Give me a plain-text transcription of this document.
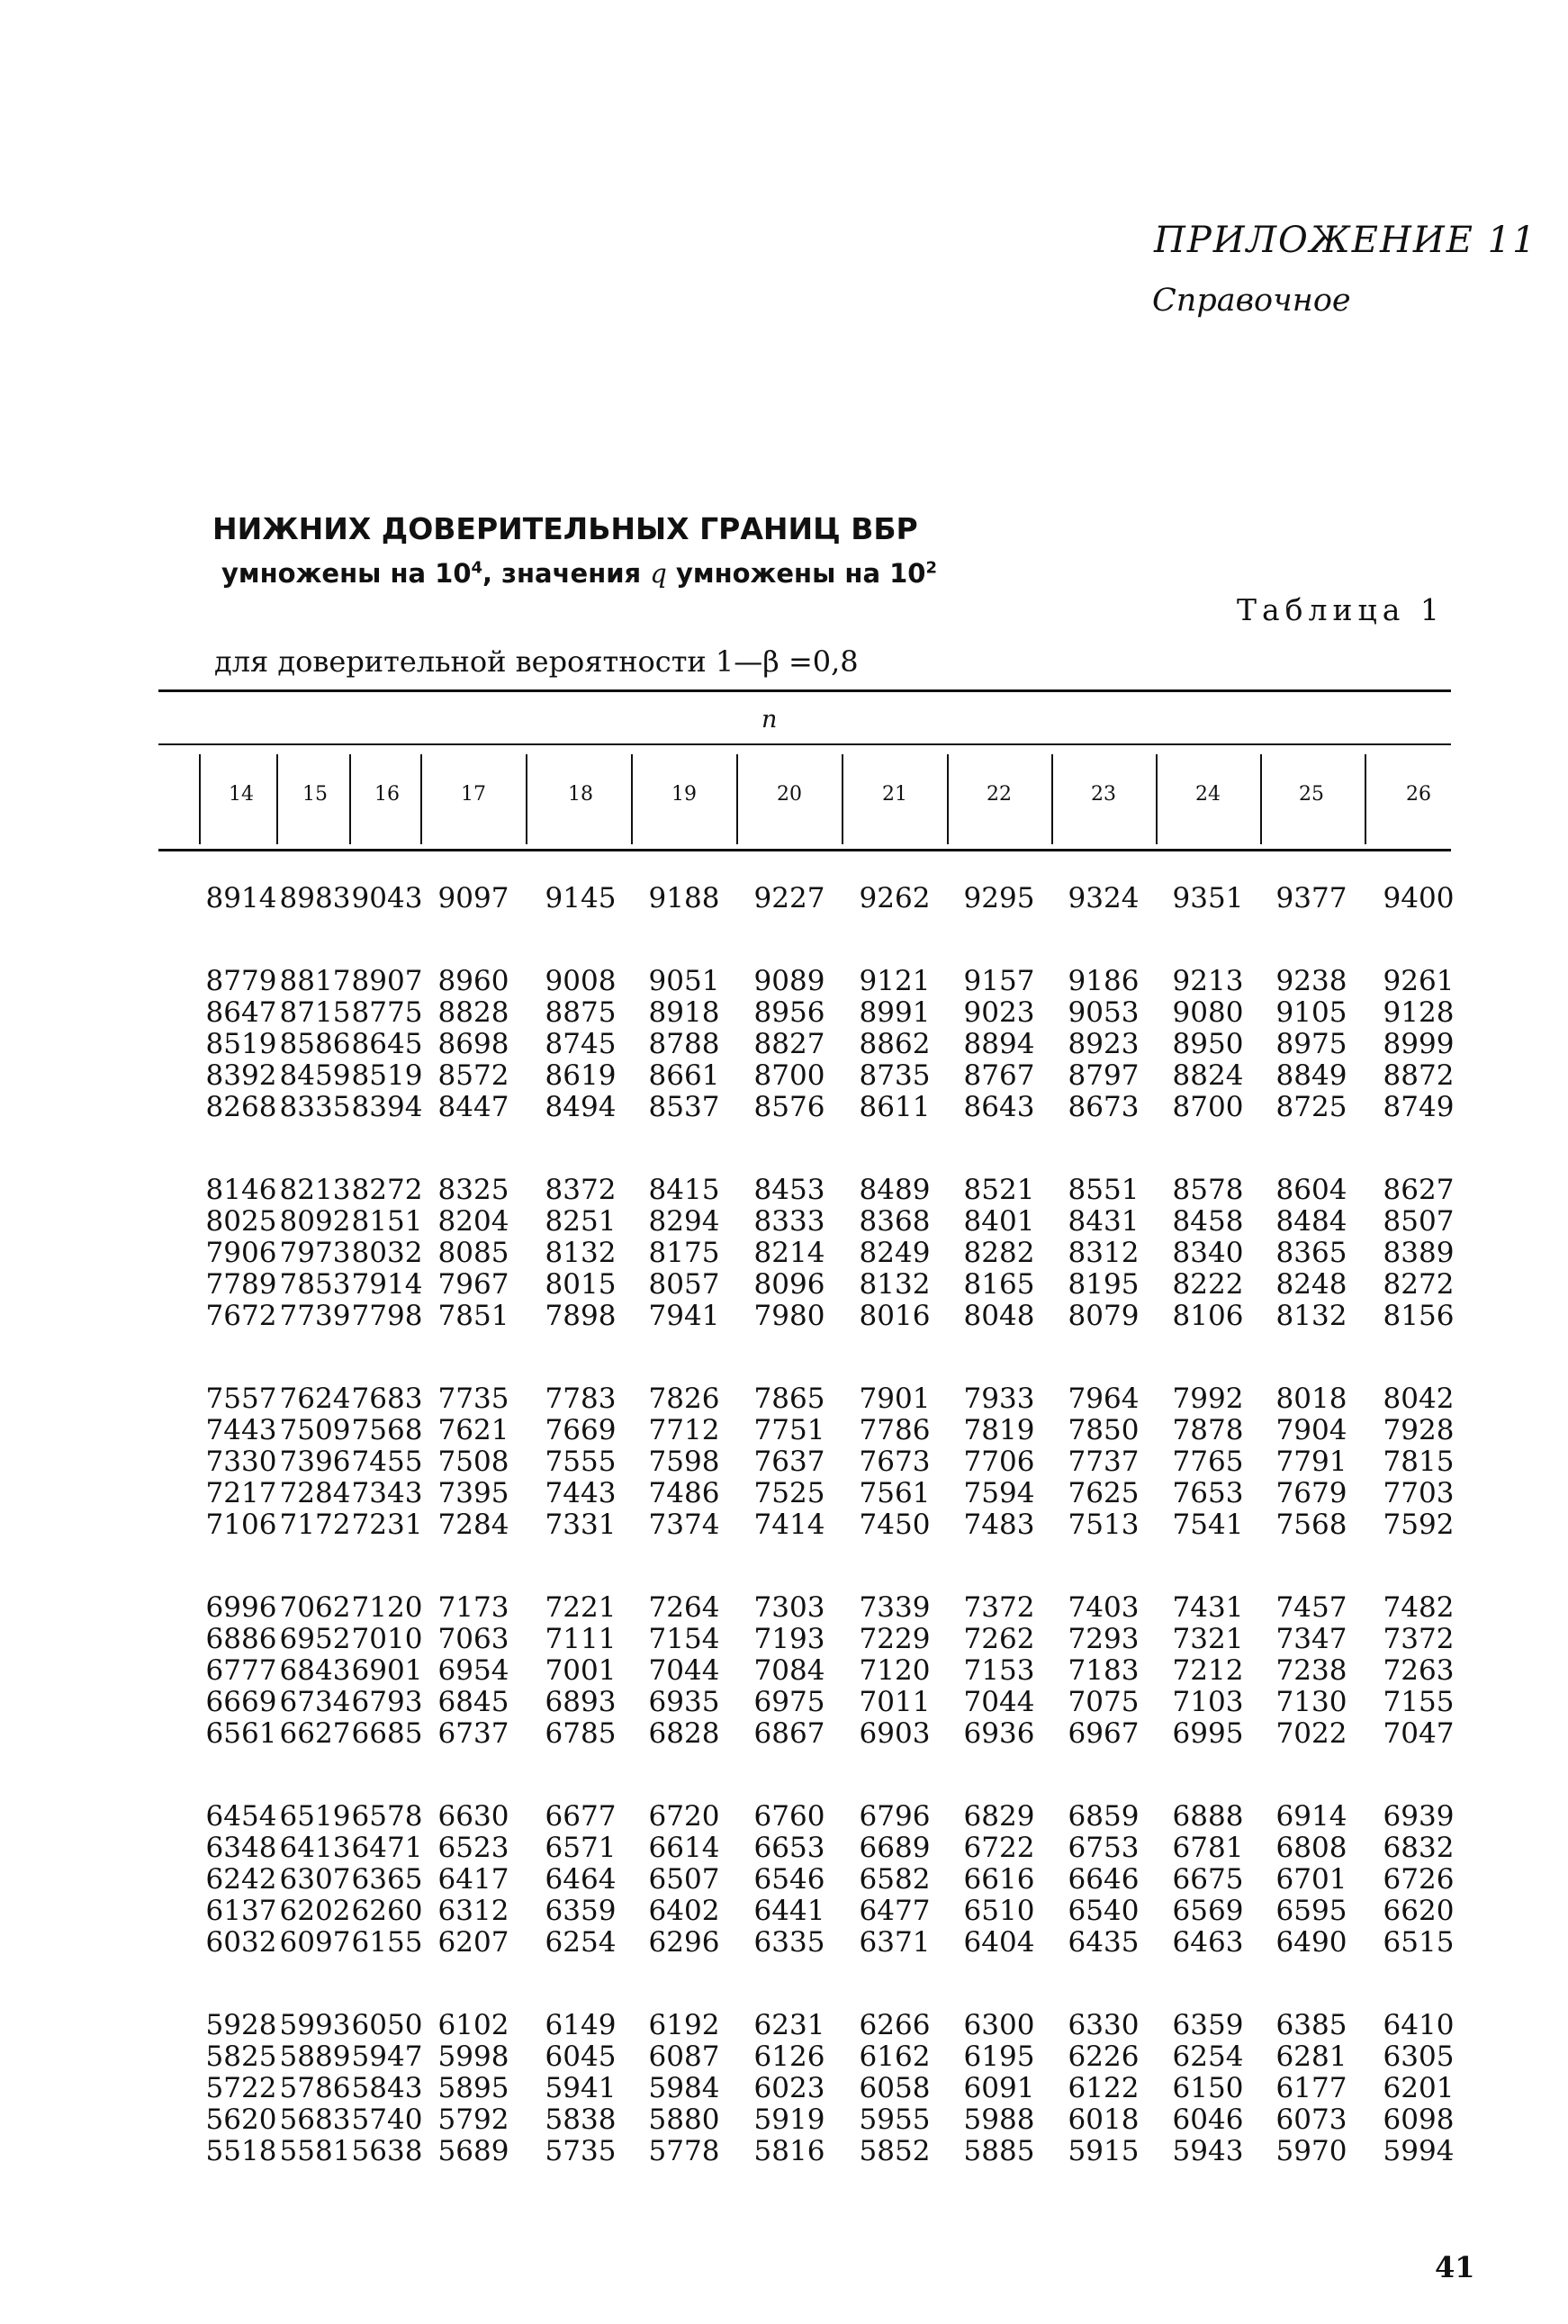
ПРИЛОЖЕНИЕ 11
Справочное
НИЖНИХ ДОВЕРИТЕЛЬНЫХ ГРАНИЦ ВБР
умножены на $10^4$, значения q умножены на $10^2$
Таблица 1
для доверительной вероятности 1—β =0,8
n
14 15 16	17	18	19	20	21	22	23	24	25	26
8914 8983 9043 9097 9145 9188 9227 9262 9295 9324 9351 9377 9400
8779 8817 8907 8960 9008 9051 9089 9121 9157 9186 9213 9238 9261
8647 8715 8775 8828 8875 8918 8956 8991 9023 9053 9080 9105 9128
8519 8586 8645 8698 8745 8788 8827 8862 8894 8923 8950 8975 8999
8392 8459 8519 8572 8619 8661 8700 8735 8767 8797 8824 8849 8872
8268 8335 8394 8447 8494 8537 8576 8611 8643 8673 8700 8725 8749
8146 8213 8272 8325 8372 8415 8453 8489 8521 8551 8578 8604 8627
8025 8092 8151 8204 8251 8294 8333 8368 8401 8431 8458 8484 8507
7906 7973 8032 8085 8132 8175 8214 8249 8282 8312 8340 8365 8389
7789 7853 7914 7967 8015 8057 8096 8132 8165 8195 8222 8248 8272
7672 7739 7798 7851 7898 7941 7980 8016 8048 8079 8106 8132 8156
7557 7624 7683 7735 7783 7826 7865 7901 7933 7964 7992 8018 8042
7443 7509 7568 7621 7669 7712 7751 7786 7819 7850 7878 7904 7928
7330 7396 7455 7508 7555 7598 7637 7673 7706 7737 7765 7791 7815
7217 7284 7343 7395 7443 7486 7525 7561 7594 7625 7653 7679 7703
7106 7172 7231 7284 7331 7374 7414 7450 7483 7513 7541 7568 7592
6996 7062 7120 7173 7221 7264 7303 7339 7372 7403 7431 7457 7482
6886 6952 7010 7063 7111 7154 7193 7229 7262 7293 7321 7347 7372
6777 6843 6901 6954 7001 7044 7084 7120 7153 7183 7212 7238 7263
6669 6734 6793 6845 6893 6935 6975 7011 7044 7075 7103 7130 7155
6561 6627 6685 6737 6785 6828 6867 6903 6936 6967 6995 7022 7047
6454 6519 6578 6630 6677 6720 6760 6796 6829 6859 6888 6914 6939
6348 6413 6471 6523 6571 6614 6653 6689 6722 6753 6781 6808 6832
6242 6307 6365 6417 6464 6507 6546 6582 6616 6646 6675 6701 6726
6137 6202 6260 6312 6359 6402 6441 6477 6510 6540 6569 6595 6620
6032 6097 6155 6207 6254 6296 6335 6371 6404 6435 6463 6490 6515
5928 5993 6050 6102 6149 6192 6231 6266 6300 6330 6359 6385 6410
5825 5889 5947 5998 6045 6087 6126 6162 6195 6226 6254 6281 6305
5722 5786 5843 5895 5941 5984 6023 6058 6091 6122 6150 6177 6201
5620 5683 5740 5792 5838 5880 5919 5955 5988 6018 6046 6073 6098
5518 5581 5638 5689 5735 5778 5816 5852 5885 5915 5943 5970 5994
41
